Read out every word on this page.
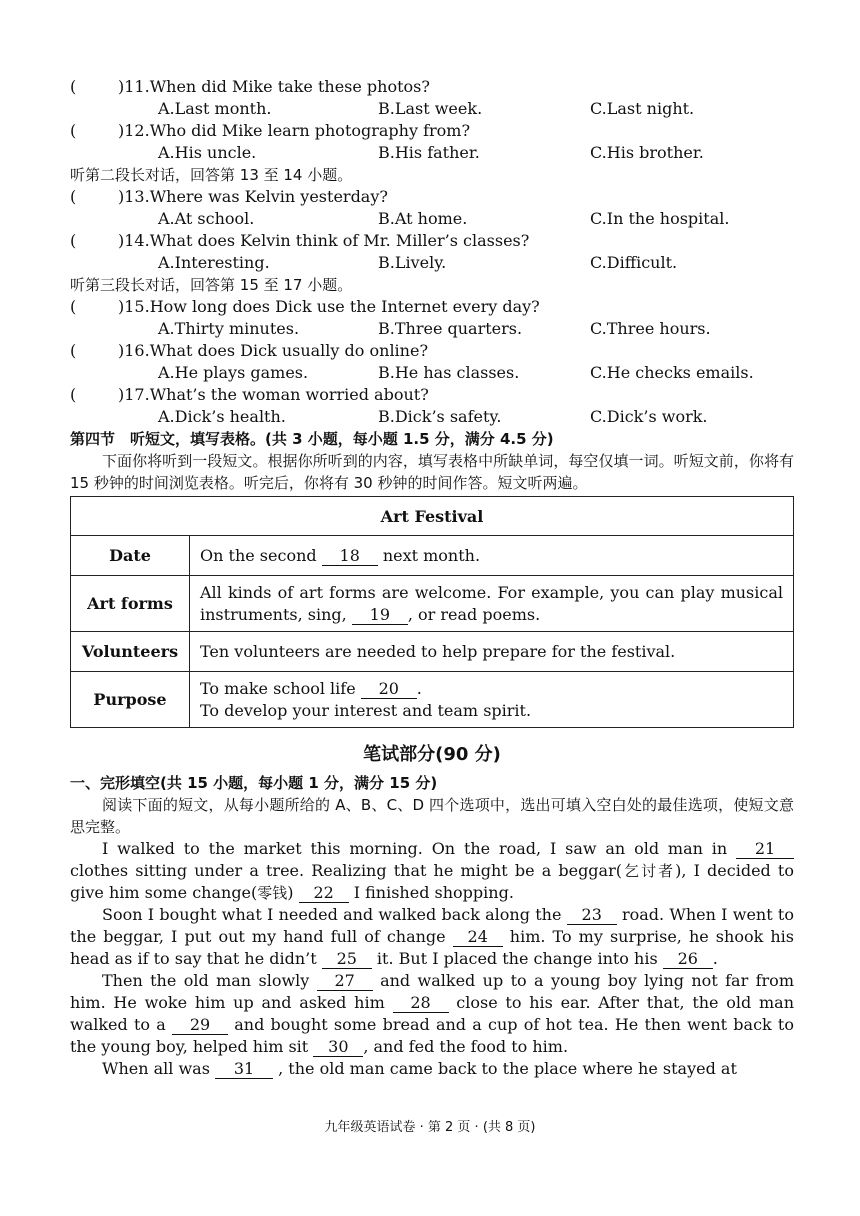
(	)11.When did Mike take these photos?
A.Last month.	B.Last week.	C.Last night.
(	)12.Who did Mike learn photography from?
A.His uncle.	B.His father.	C.His brother.
听第二段长对话，回答第 13 至 14 小题。
(	)13.Where was Kelvin yesterday?
A.At school.	B.At home.	C.In the hospital.
(	)14.What does Kelvin think of Mr. Miller’s classes?
A.Interesting.	B.Lively.	C.Difficult.
听第三段长对话，回答第 15 至 17 小题。
(	)15.How long does Dick use the Internet every day?
A.Thirty minutes.	B.Three quarters.	C.Three hours.
(	)16.What does Dick usually do online?
A.He plays games.	B.He has classes.	C.He checks emails.
(	)17.What’s the woman worried about?
A.Dick’s health.	B.Dick’s safety.	C.Dick’s work.
第四节　听短文，填写表格。(共 3 小题，每小题 1.5 分，满分 4.5 分)

下面你将听到一段短文。根据你所听到的内容，填写表格中所缺单词，每空仅填一词。听短文前，你将有 15 秒钟的时间浏览表格。听完后，你将有 30 秒钟的时间作答。短文听两遍。

Art Festival	
Date	On the second 18 next month.
Art forms	All kinds of art forms are welcome. For example, you can play musical instruments, sing, 19 , or read poems.
Volunteers	Ten volunteers are needed to help prepare for the festival.
Purpose	To make school life 20 .
To develop your interest and team spirit.
笔试部分(90 分)
一、完形填空(共 15 小题，每小题 1 分，满分 15 分)

阅读下面的短文，从每小题所给的 A、B、C、D 四个选项中，选出可填入空白处的最佳选项，使短文意思完整。

I walked to the market this morning. On the road, I saw an old man in 21 clothes sitting under a tree. Realizing that he might be a beggar(乞讨者), I decided to give him some change(零钱) 22 I finished shopping.

Soon I bought what I needed and walked back along the 23 road. When I went to the beggar, I put out my hand full of change 24 him. To my surprise, he shook his head as if to say that he didn’t 25 it. But I placed the change into his 26 .

Then the old man slowly 27 and walked up to a young boy lying not far from him. He woke him up and asked him 28 close to his ear. After that, the old man walked to a 29 and bought some bread and a cup of hot tea. He then went back to the young boy, helped him sit 30 , and fed the food to him.

When all was 31 , the old man came back to the place where he stayed at

九年级英语试卷 · 第 2 页 · (共 8 页)
